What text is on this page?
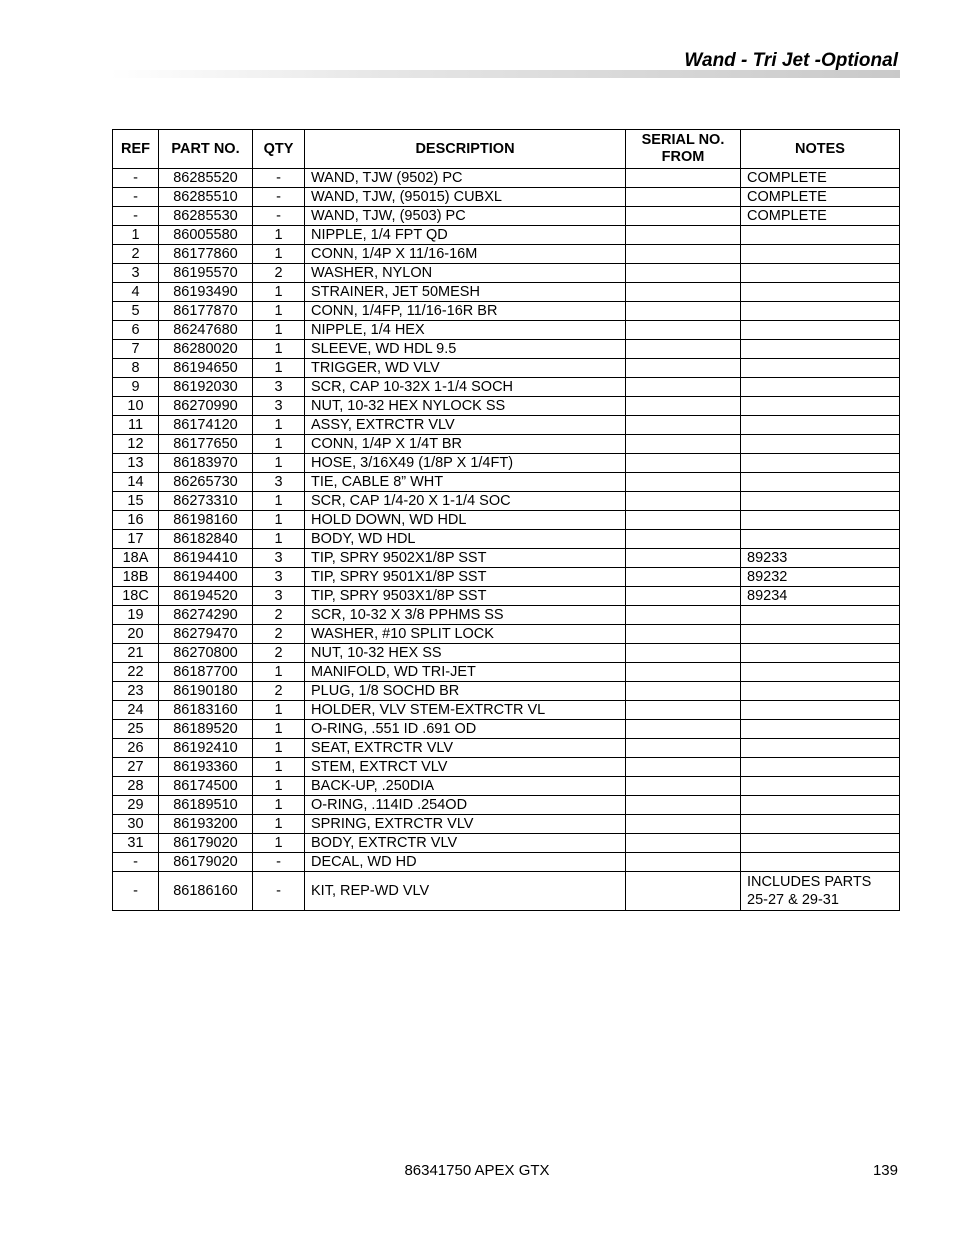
Wand - Tri Jet -Optional
REF	PART NO.	QTY	DESCRIPTION	SERIAL NO. FROM	NOTES
-	86285520	-	WAND, TJW (9502) PC		COMPLETE
-	86285510	-	WAND, TJW, (95015) CUBXL		COMPLETE
-	86285530	-	WAND, TJW, (9503) PC		COMPLETE
1	86005580	1	NIPPLE, 1/4 FPT QD		
2	86177860	1	CONN, 1/4P X 11/16-16M		
3	86195570	2	WASHER, NYLON		
4	86193490	1	STRAINER, JET 50MESH		
5	86177870	1	CONN, 1/4FP, 11/16-16R BR		
6	86247680	1	NIPPLE, 1/4 HEX		
7	86280020	1	SLEEVE, WD HDL 9.5		
8	86194650	1	TRIGGER, WD VLV		
9	86192030	3	SCR, CAP 10-32X 1-1/4 SOCH		
10	86270990	3	NUT, 10-32 HEX NYLOCK SS		
11	86174120	1	ASSY, EXTRCTR VLV		
12	86177650	1	CONN, 1/4P X 1/4T BR		
13	86183970	1	HOSE, 3/16X49 (1/8P X 1/4FT)		
14	86265730	3	TIE, CABLE 8” WHT		
15	86273310	1	SCR, CAP 1/4-20 X 1-1/4 SOC		
16	86198160	1	HOLD DOWN, WD HDL		
17	86182840	1	BODY, WD HDL		
18A	86194410	3	TIP, SPRY 9502X1/8P SST		89233
18B	86194400	3	TIP, SPRY 9501X1/8P SST		89232
18C	86194520	3	TIP, SPRY 9503X1/8P SST		89234
19	86274290	2	SCR, 10-32 X 3/8 PPHMS SS		
20	86279470	2	WASHER, #10 SPLIT LOCK		
21	86270800	2	NUT, 10-32 HEX SS		
22	86187700	1	MANIFOLD, WD TRI-JET		
23	86190180	2	PLUG, 1/8 SOCHD BR		
24	86183160	1	HOLDER, VLV STEM-EXTRCTR VL		
25	86189520	1	O-RING, .551 ID .691 OD		
26	86192410	1	SEAT, EXTRCTR VLV		
27	86193360	1	STEM, EXTRCT VLV		
28	86174500	1	BACK-UP, .250DIA		
29	86189510	1	O-RING, .114ID .254OD		
30	86193200	1	SPRING, EXTRCTR VLV		
31	86179020	1	BODY, EXTRCTR VLV		
-	86179020	-	DECAL, WD HD		
-	86186160	-	KIT, REP-WD VLV		INCLUDES PARTS 25-27 & 29-31
86341750 APEX GTX	139
